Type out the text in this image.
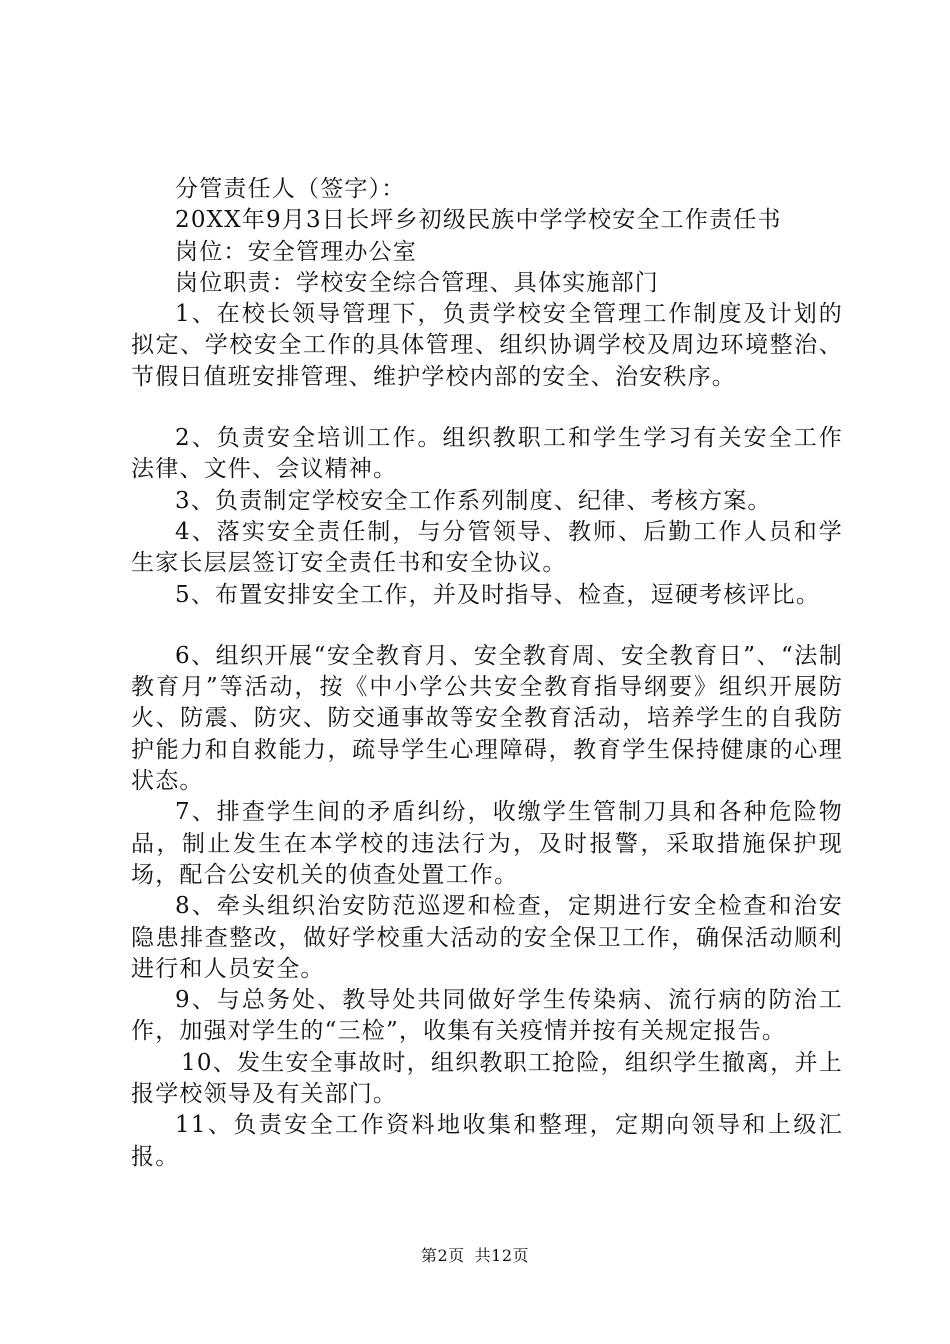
分管责任人（签字）：

20XX年9月3日长坪乡初级民族中学学校安全工作责任书

岗位：安全管理办公室

岗位职责：学校安全综合管理、具体实施部门

1、在校长领导管理下，负责学校安全管理工作制度及计划的拟定、学校安全工作的具体管理、组织协调学校及周边环境整治、节假日值班安排管理、维护学校内部的安全、治安秩序。

2、负责安全培训工作。组织教职工和学生学习有关安全工作法律、文件、会议精神。

3、负责制定学校安全工作系列制度、纪律、考核方案。

4、落实安全责任制，与分管领导、教师、后勤工作人员和学生家长层层签订安全责任书和安全协议。

5、布置安排安全工作，并及时指导、检查，逗硬考核评比。

6、组织开展“安全教育月、安全教育周、安全教育日”、“法制教育月”等活动，按《中小学公共安全教育指导纲要》组织开展防火、防震、防灾、防交通事故等安全教育活动，培养学生的自我防护能力和自救能力，疏导学生心理障碍，教育学生保持健康的心理状态。

7、排查学生间的矛盾纠纷，收缴学生管制刀具和各种危险物品，制止发生在本学校的违法行为，及时报警，采取措施保护现场，配合公安机关的侦查处置工作。

8、牵头组织治安防范巡逻和检查，定期进行安全检查和治安隐患排查整改，做好学校重大活动的安全保卫工作，确保活动顺利进行和人员安全。

9、与总务处、教导处共同做好学生传染病、流行病的防治工作，加强对学生的“三检”，收集有关疫情并按有关规定报告。

10、发生安全事故时，组织教职工抢险，组织学生撤离，并上报学校领导及有关部门。

11、负责安全工作资料地收集和整理，定期向领导和上级汇报。

第2页 共12页
